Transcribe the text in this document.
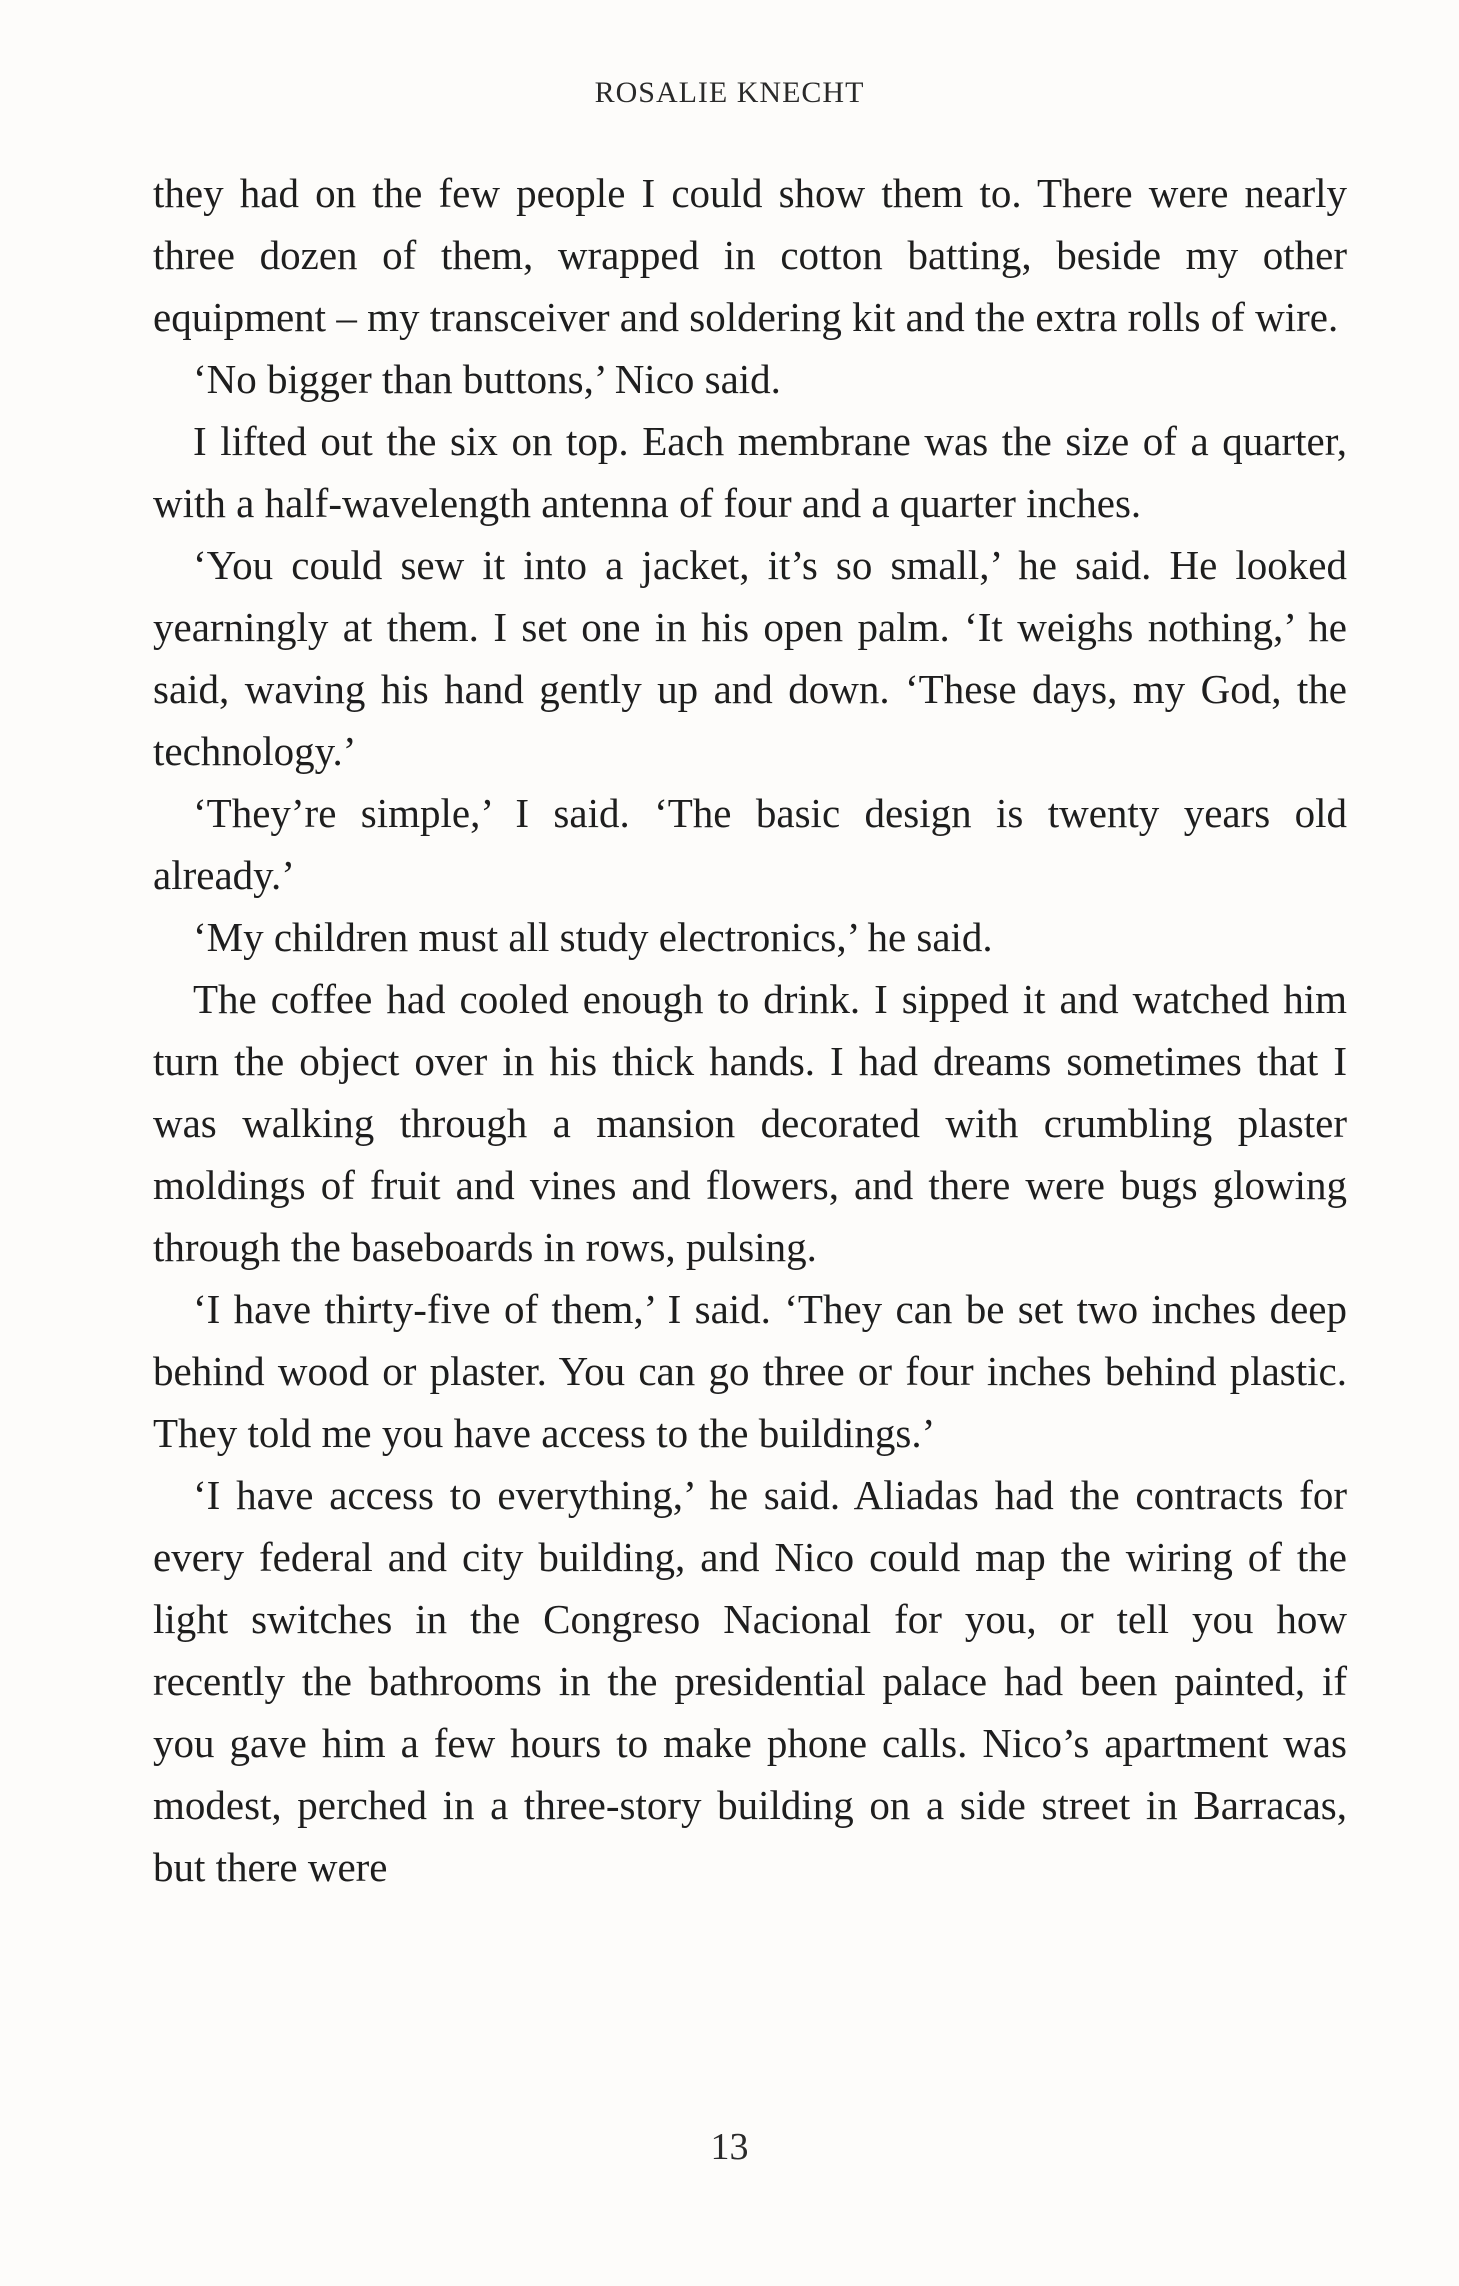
ROSALIE KNECHT

they had on the few people I could show them to. There were nearly three dozen of them, wrapped in cotton batting, beside my other equipment – my transceiver and soldering kit and the extra rolls of wire.

‘No bigger than buttons,’ Nico said.

I lifted out the six on top. Each membrane was the size of a quarter, with a half-wavelength antenna of four and a quarter inches.

‘You could sew it into a jacket, it’s so small,’ he said. He looked yearningly at them. I set one in his open palm. ‘It weighs nothing,’ he said, waving his hand gently up and down. ‘These days, my God, the technology.’

‘They’re simple,’ I said. ‘The basic design is twenty years old already.’

‘My children must all study electronics,’ he said.

The coffee had cooled enough to drink. I sipped it and watched him turn the object over in his thick hands. I had dreams sometimes that I was walking through a mansion decorated with crumbling plaster moldings of fruit and vines and flowers, and there were bugs glowing through the baseboards in rows, pulsing.

‘I have thirty-five of them,’ I said. ‘They can be set two inches deep behind wood or plaster. You can go three or four inches behind plastic. They told me you have access to the buildings.’

‘I have access to everything,’ he said. Aliadas had the contracts for every federal and city building, and Nico could map the wiring of the light switches in the Congreso Nacional for you, or tell you how recently the bathrooms in the presidential palace had been painted, if you gave him a few hours to make phone calls. Nico’s apartment was modest, perched in a three-story building on a side street in Barracas, but there were

13
